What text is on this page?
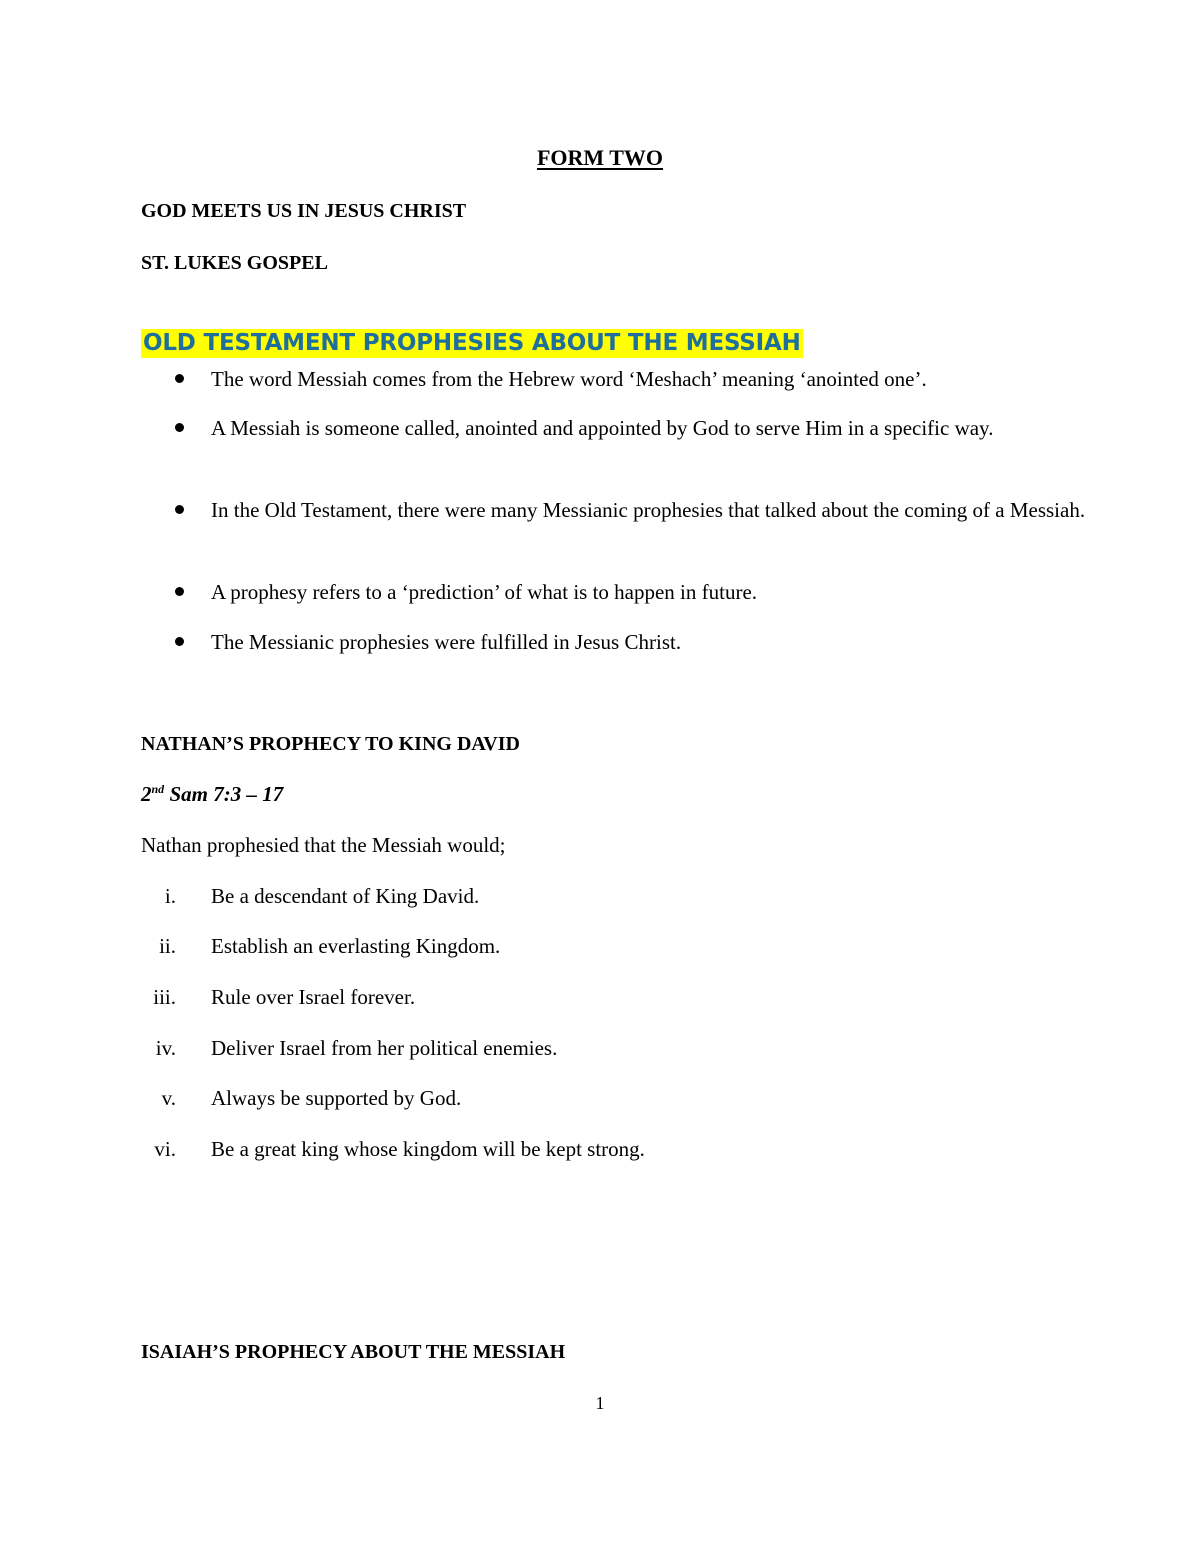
FORM TWO
GOD MEETS US IN JESUS CHRIST
ST. LUKES GOSPEL
OLD TESTAMENT PROPHESIES ABOUT THE MESSIAH
The word Messiah comes from the Hebrew word ‘Meshach’ meaning ‘anointed one’.
A Messiah is someone called, anointed and appointed by God to serve Him in a specific way.
In the Old Testament, there were many Messianic prophesies that talked about the coming of a Messiah.
A prophesy refers to a ‘prediction’ of what is to happen in future.
The Messianic prophesies were fulfilled in Jesus Christ.
NATHAN’S PROPHECY TO KING DAVID
2nd Sam 7:3 – 17
Nathan prophesied that the Messiah would;
i. Be a descendant of King David.
ii. Establish an everlasting Kingdom.
iii. Rule over Israel forever.
iv. Deliver Israel from her political enemies.
v. Always be supported by God.
vi. Be a great king whose kingdom will be kept strong.
ISAIAH’S PROPHECY ABOUT THE MESSIAH
1
